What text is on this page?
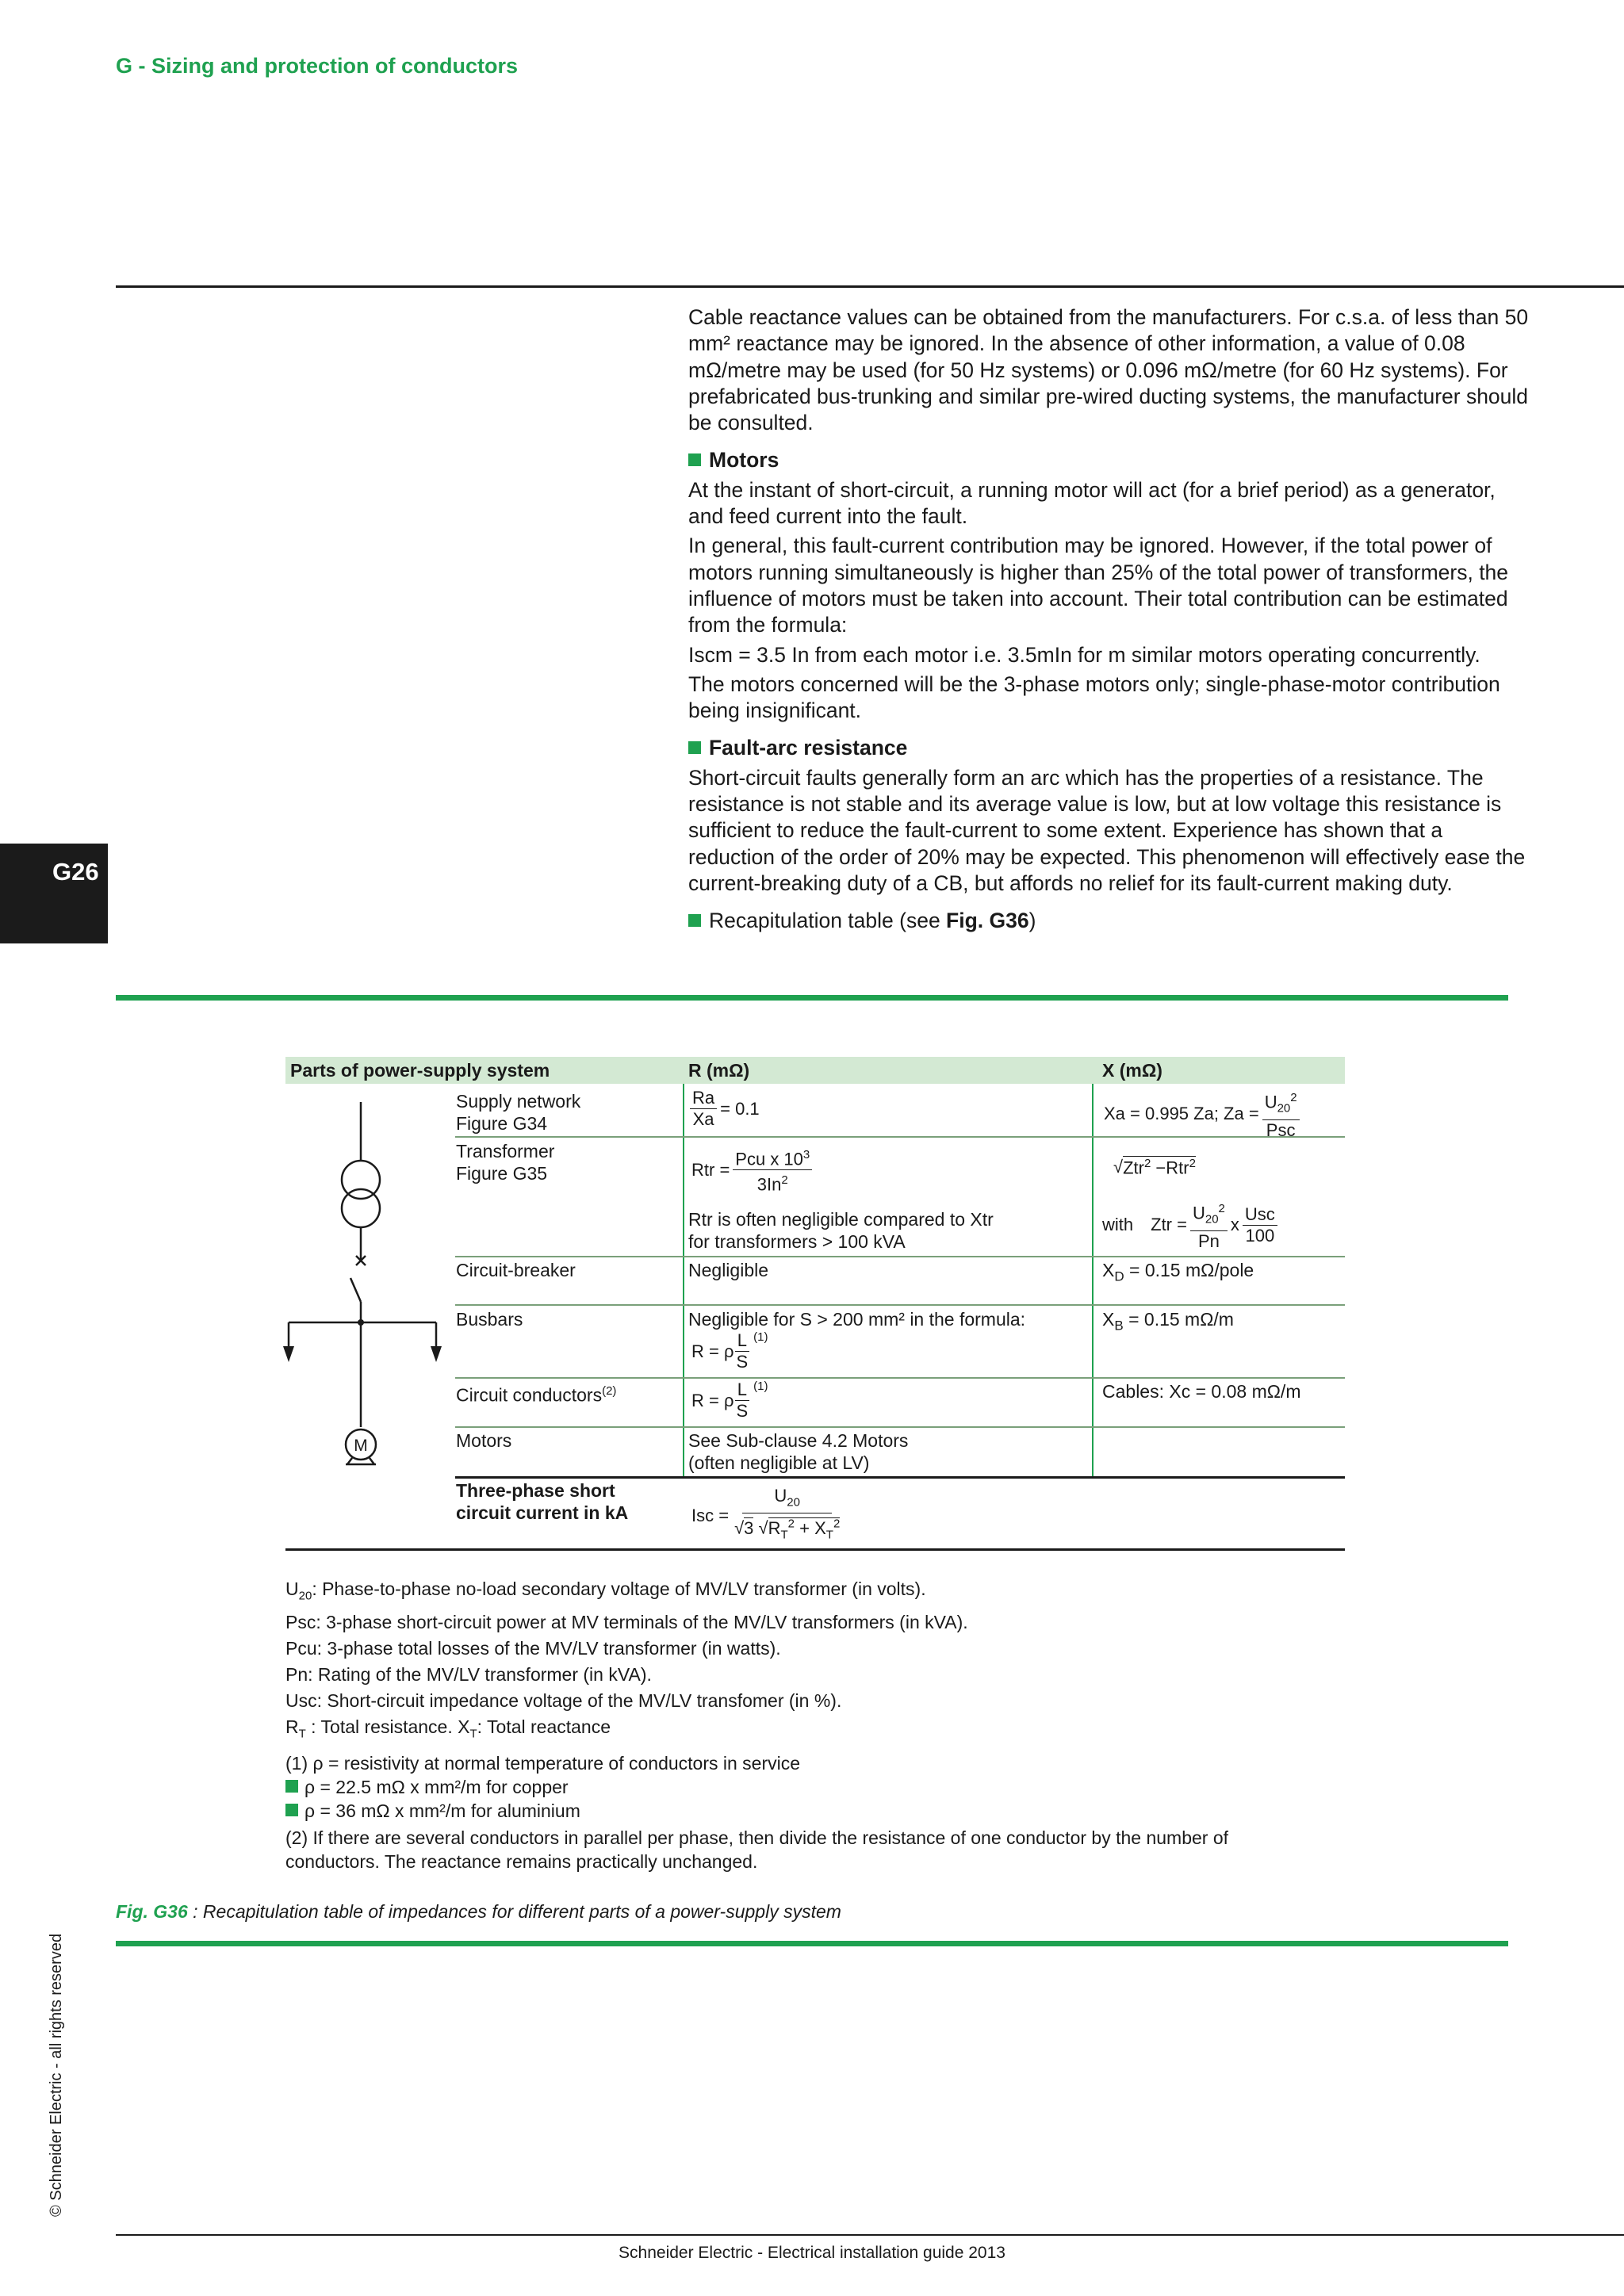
G - Sizing and protection of conductors
G26

Cable reactance values can be obtained from the manufacturers. For c.s.a. of less than 50 mm² reactance may be ignored. In the absence of other information, a value of 0.08 mΩ/metre may be used (for 50 Hz systems) or 0.096 mΩ/metre (for 60 Hz systems). For prefabricated bus-trunking and similar pre-wired ducting systems, the manufacturer should be consulted.

Motors

At the instant of short-circuit, a running motor will act (for a brief period) as a generator, and feed current into the fault.

In general, this fault-current contribution may be ignored. However, if the total power of motors running simultaneously is higher than 25% of the total power of transformers, the influence of motors must be taken into account. Their total contribution can be estimated from the formula:

Iscm = 3.5 In from each motor i.e. 3.5mIn for m similar motors operating concurrently.

The motors concerned will be the 3-phase motors only; single-phase-motor contribution being insignificant.

Fault-arc resistance

Short-circuit faults generally form an arc which has the properties of a resistance. The resistance is not stable and its average value is low, but at low voltage this resistance is sufficient to reduce the fault-current to some extent. Experience has shown that a reduction of the order of 20% may be expected. This phenomenon will effectively ease the current-breaking duty of a CB, but affords no relief for its fault-current making duty.

Recapitulation table (see Fig. G36)

Parts of power-supply system	R (mΩ)	X (mΩ)
M
Supply network
Figure G34
Transformer
Figure G35
Circuit-breaker
Busbars
Circuit conductors$^{(2)}$
Motors
Three-phase short
circuit current in kA
$\frac{Ra}{Xa} = 0.1$
Rtr =
Pcu x $10^3$
3In$^2$
Rtr is often negligible compared to Xtr
for transformers > 100 kVA
Negligible
Negligible for S > 200 mm² in the formula:
R = ρ
L
S
$^{(1)}$
R = ρ
L
S
$^{(1)}$
See Sub-clause 4.2 Motors
(often negligible at LV)
Isc = $\frac{U_{20}}{√3 √R_T^2 + X_T^2}$
Xa = 0.995 Za; Za =
$U_{20}^2$
Psc
√ Ztr$^2$ −Rtr$^2$
with Ztr = $\frac{U_{20}^2}{Pn}$ x
Usc
100
$X_D = 0.15$ mΩ/pole
$X_B = 0.15$ mΩ/m
Cables: Xc = 0.08 mΩ/m
$U_{20}$: Phase-to-phase no-load secondary voltage of MV/LV transformer (in volts).
Psc: 3-phase short-circuit power at MV terminals of the MV/LV transformers (in kVA).
Pcu: 3-phase total losses of the MV/LV transformer (in watts).
Pn: Rating of the MV/LV transformer (in kVA).
Usc: Short-circuit impedance voltage of the MV/LV transfomer (in %).
$R_T$ : Total resistance. $X_T$: Total reactance
(1) ρ = resistivity at normal temperature of conductors in service
ρ = 22.5 mΩ x mm²/m for copper
ρ = 36 mΩ x mm²/m for aluminium
(2) If there are several conductors in parallel per phase, then divide the resistance of one conductor by the number of
conductors. The reactance remains practically unchanged.
Fig. G36 : Recapitulation table of impedances for different parts of a power-supply system
© Schneider Electric - all rights reserved
Schneider Electric - Electrical installation guide 2013
